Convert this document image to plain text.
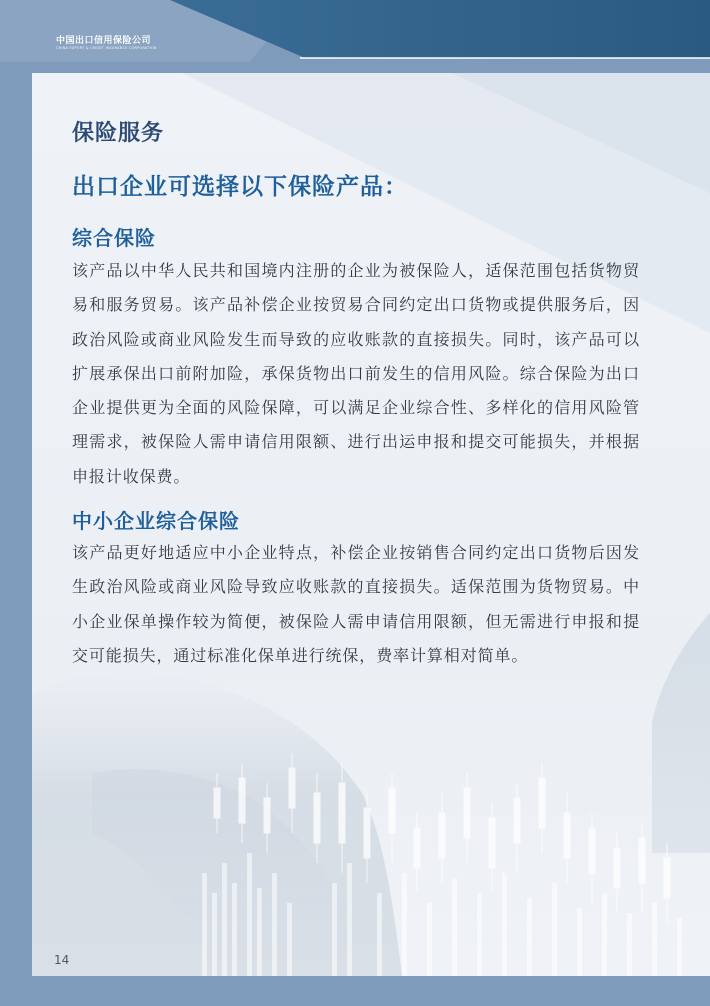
中国出口信用保险公司
CHINA EXPORT & CREDIT INSURANCE CORPORATION
保险服务
出口企业可选择以下保险产品：
综合保险

该产品以中华人民共和国境内注册的企业为被保险人，适保范围包括货物贸易和服务贸易。该产品补偿企业按贸易合同约定出口货物或提供服务后，因政治风险或商业风险发生而导致的应收账款的直接损失。同时，该产品可以扩展承保出口前附加险，承保货物出口前发生的信用风险。综合保险为出口企业提供更为全面的风险保障，可以满足企业综合性、多样化的信用风险管理需求，被保险人需申请信用限额、进行出运申报和提交可能损失，并根据申报计收保费。

中小企业综合保险

该产品更好地适应中小企业特点，补偿企业按销售合同约定出口货物后因发生政治风险或商业风险导致应收账款的直接损失。适保范围为货物贸易。中小企业保单操作较为简便，被保险人需申请信用限额，但无需进行申报和提交可能损失，通过标准化保单进行统保，费率计算相对简单。

14
